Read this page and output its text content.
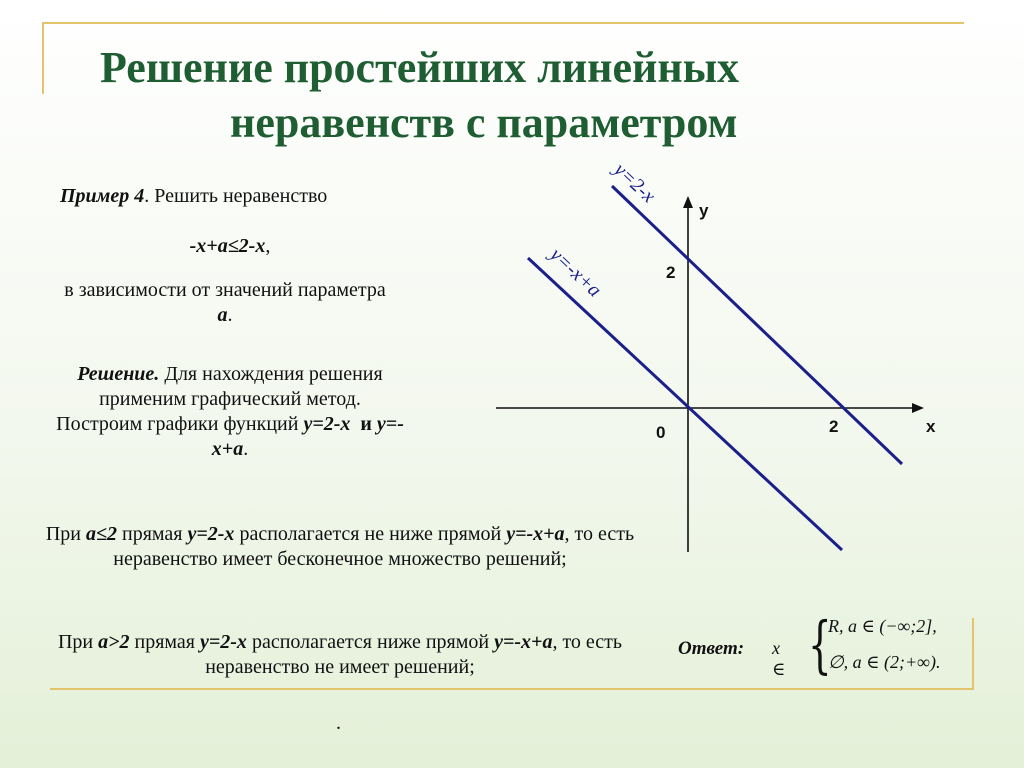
Решение простейших линейных
неравенств с параметром
Пример 4. Решить неравенство
-x+a≤2-x,
в зависимости от значений параметра а.
Решение. Для нахождения решения применим графический метод. Построим графики функций y=2-x и y=-x+a.
При a≤2 прямая y=2-x располагается не ниже прямой y=-x+a, то есть неравенство имеет бесконечное множество решений;
При a>2 прямая y=2-x располагается ниже прямой y=-x+a, то есть неравенство не имеет решений;
.
y=2-x
y=-x+a
y
x
0	2
2
Ответ: x ∈ {
R, a ∈ (−∞;2],
∅, a ∈ (2;+∞).
